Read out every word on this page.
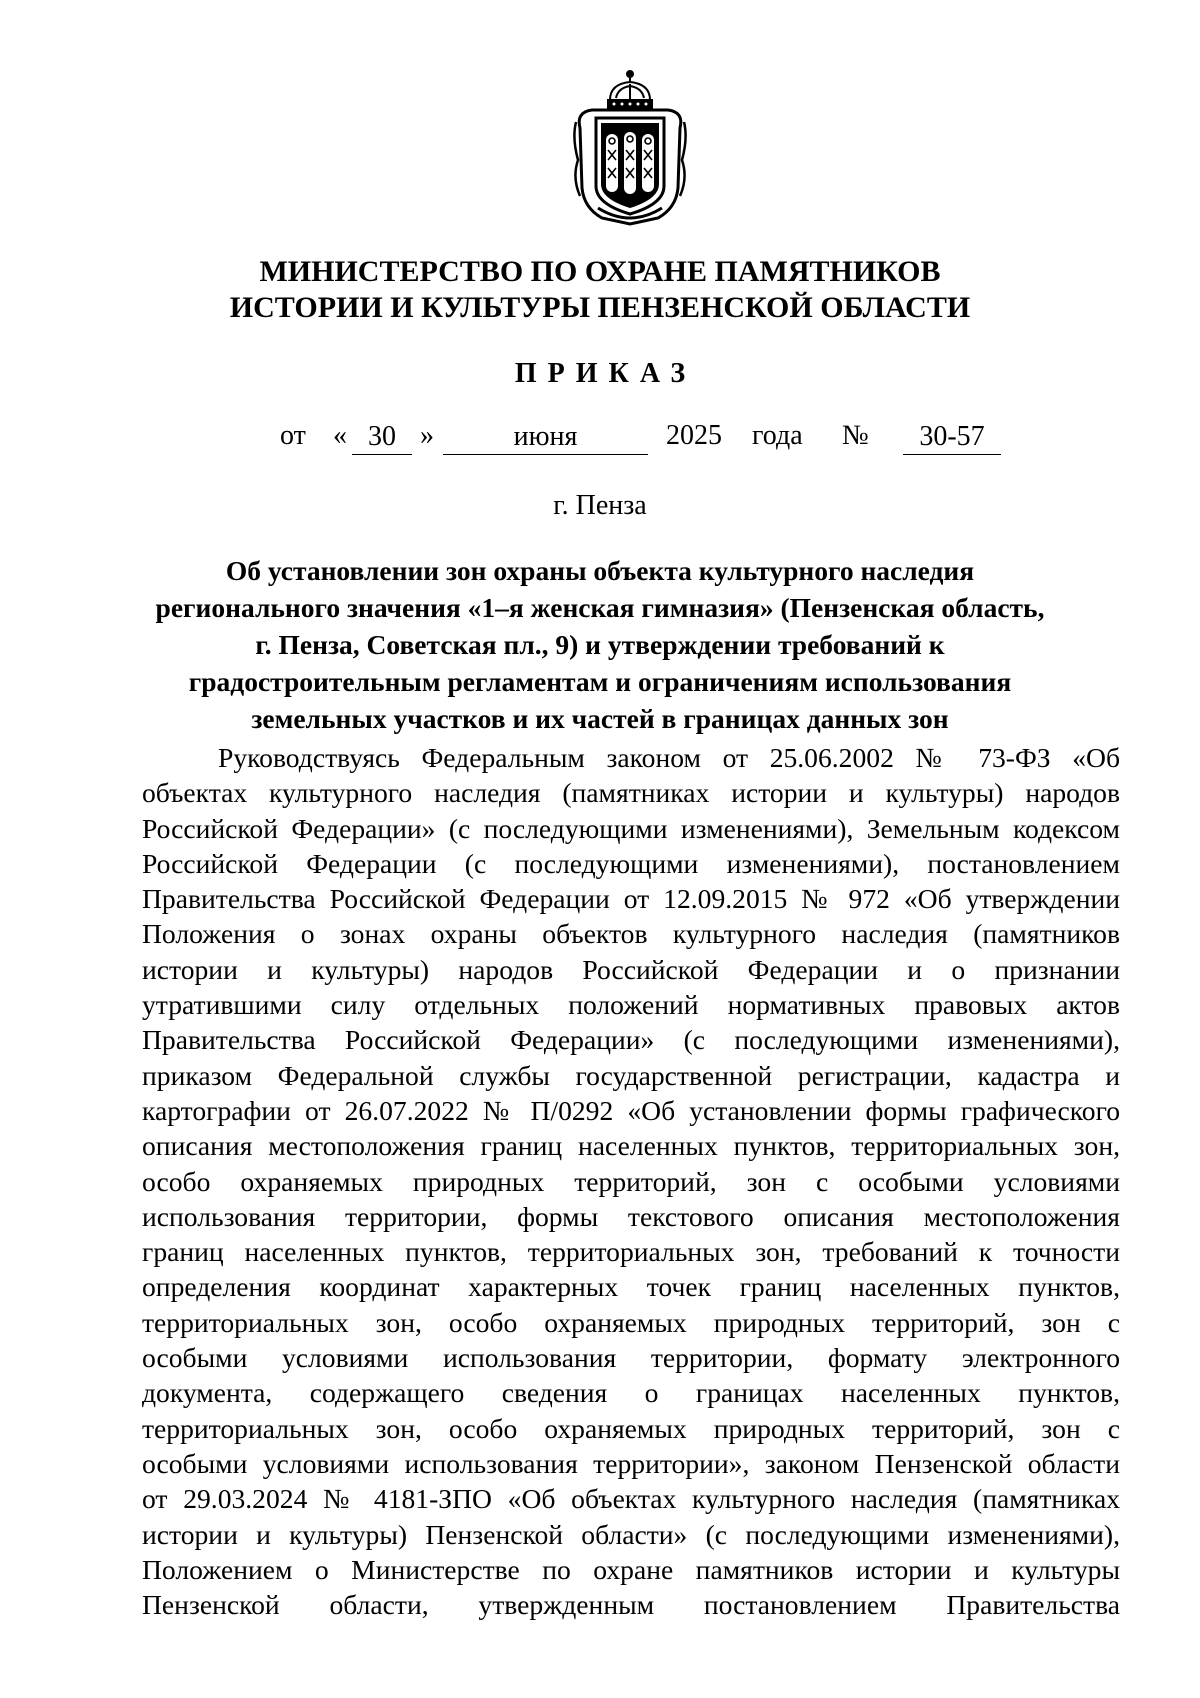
МИНИСТЕРСТВО ПО ОХРАНЕ ПАМЯТНИКОВ
ИСТОРИИ И КУЛЬТУРЫ ПЕНЗЕНСКОЙ ОБЛАСТИ
ПРИКАЗ
от « 30 »	июня	2025 года №	30-57
г. Пенза
Об установлении зон охраны объекта культурного наследия
регионального значения «1–я женская гимназия» (Пензенская область,
г. Пенза, Советская пл., 9) и утверждении требований к
градостроительным регламентам и ограничениям использования
земельных участков и их частей в границах данных зон
Руководствуясь Федеральным законом от 25.06.2002 № 73-ФЗ «Об
объектах культурного наследия (памятниках истории и культуры) народов
Российской Федерации» (с последующими изменениями), Земельным кодексом
Российской Федерации (с последующими изменениями), постановлением
Правительства Российской Федерации от 12.09.2015 № 972 «Об утверждении
Положения о зонах охраны объектов культурного наследия (памятников
истории и культуры) народов Российской Федерации и о признании
утратившими силу отдельных положений нормативных правовых актов
Правительства Российской Федерации» (с последующими изменениями),
приказом Федеральной службы государственной регистрации, кадастра и
картографии от 26.07.2022 № П/0292 «Об установлении формы графического
описания местоположения границ населенных пунктов, территориальных зон,
особо охраняемых природных территорий, зон с особыми условиями
использования территории, формы текстового описания местоположения
границ населенных пунктов, территориальных зон, требований к точности
определения координат характерных точек границ населенных пунктов,
территориальных зон, особо охраняемых природных территорий, зон с
особыми условиями использования территории, формату электронного
документа, содержащего сведения о границах населенных пунктов,
территориальных зон, особо охраняемых природных территорий, зон с
особыми условиями использования территории», законом Пензенской области
от 29.03.2024 № 4181-ЗПО «Об объектах культурного наследия (памятниках
истории и культуры) Пензенской области» (с последующими изменениями),
Положением о Министерстве по охране памятников истории и культуры
Пензенской области, утвержденным постановлением Правительства
